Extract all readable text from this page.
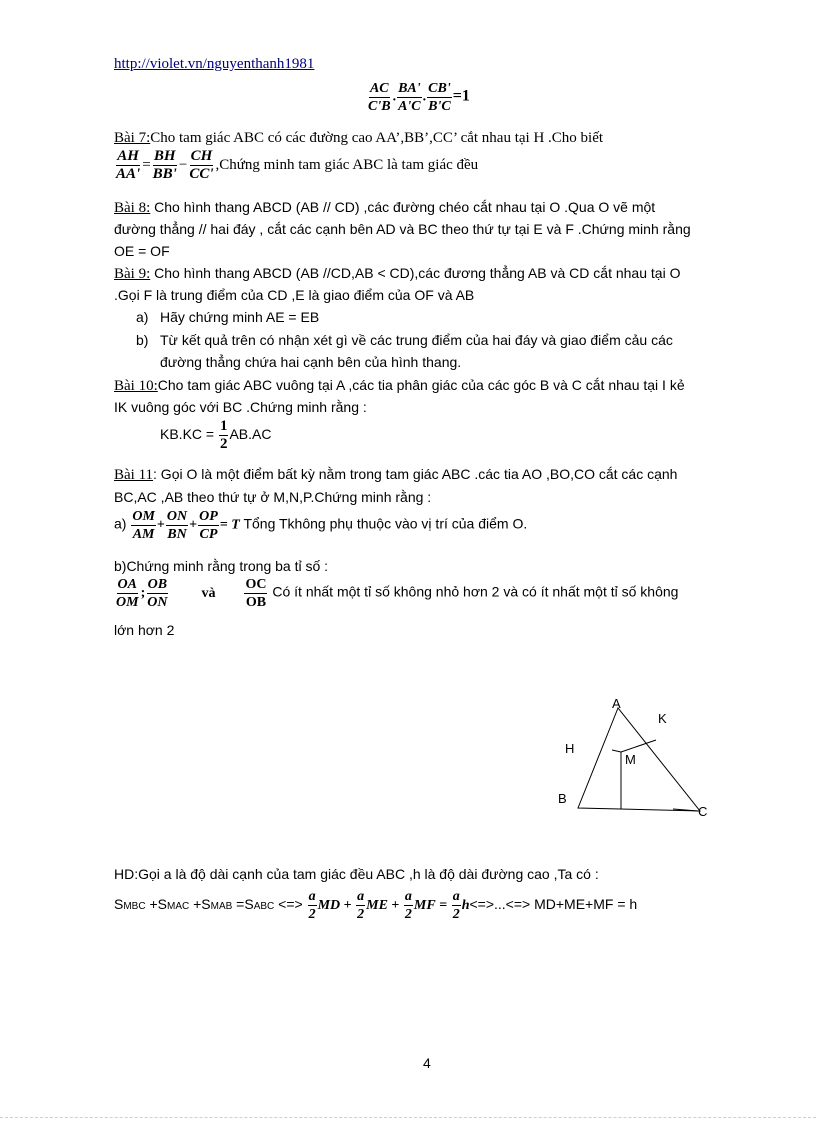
http://violet.vn/nguyenthanh1981
$\frac{AC}{C'B}$ . $\frac{BA'}{A'C}$ . $\frac{CB'}{B'C} =1$
Bài 7:Cho tam giác ABC có các đường cao AA’,BB’,CC’ cắt nhau tại H .Cho biết
$\frac{AH}{AA'} = \frac{BH}{BB'} - \frac{CH}{CC'}$ ,Chứng minh tam giác ABC là tam giác đều
Bài 8: Cho hình thang ABCD (AB // CD) ,các đường chéo cắt nhau tại O .Qua O vẽ một
đường thẳng // hai đáy , cắt các cạnh bên AD và BC theo thứ tự tại E và F .Chứng minh rằng
OE = OF
Bài 9: Cho hình thang ABCD (AB //CD,AB < CD),các đương thẳng AB và CD cắt nhau tại O
.Gọi F là trung điểm của CD ,E là giao điểm của OF và AB
a) Hãy chứng minh AE = EB
b) Từ kết quả trên có nhận xét gì về các trung điểm của hai đáy và giao điểm cảu các
đường thẳng chứa hai cạnh bên của hình thang.
Bài 10:Cho tam giác ABC vuông tại A ,các tia phân giác của các góc B và C cắt nhau tại I kẻ
IK vuông góc với BC .Chứng minh rằng :
$KB.KC = \frac{1}{2} AB.AC$
Bài 11: Gọi O là một điểm bất kỳ nằm trong tam giác ABC .các tia AO ,BO,CO cắt các cạnh
BC,AC ,AB theo thứ tự ở M,N,P.Chứng minh rằng :
$a) \frac{OM}{AM} + \frac{ON}{BN} + \frac{OP}{CP} = T$ Tổng Tkhông phụ thuộc vào vị trí của điểm O.
b)Chứng minh rằng trong ba tỉ số :
$\frac{OA}{OM}$ ; $\frac{OB}{ON}$ và $\frac{OC}{OB}$ Có ít nhất một tỉ số không nhỏ hơn 2 và có ít nhất một tỉ số không
lớn hơn 2
A
K
H
M
B
C
HD:Gọi a là độ dài cạnh của tam giác đều ABC ,h là độ dài đường cao ,Ta có :
SMBC +SMAC +SMAB =SABC <=> $\frac{a}{2}$ MD + $\frac{a}{2}$ ME + $\frac{a}{2}$ MF = $\frac{a}{2} h<=>...<=> MD+ME+MF = h$
4
